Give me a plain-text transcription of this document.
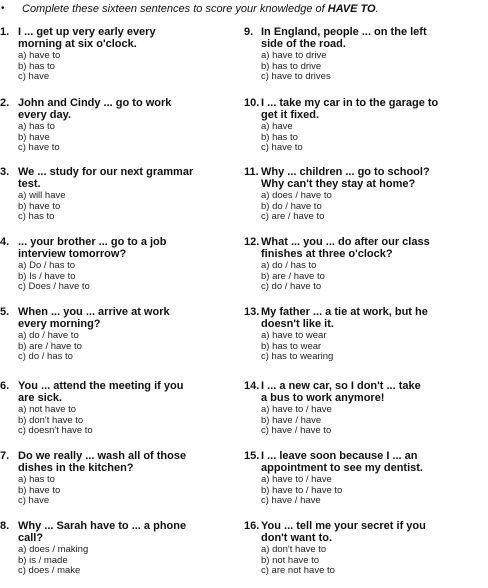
• Complete these sixteen sentences to score your knowledge of HAVE TO.
1. I ... get up very early every
morning at six o'clock.
a) have to
b) has to
c) have
2. John and Cindy ... go to work
every day.
a) has to
b) have
c) have to
3. We ... study for our next grammar
test.
a) will have
b) have to
c) has to
4. ... your brother ... go to a job
interview tomorrow?
a) Do / has to
b) Is / have to
c) Does / have to
5. When ... you ... arrive at work
every morning?
a) do / have to
b) are / have to
c) do / has to
6. You ... attend the meeting if you
are sick.
a) not have to
b) don't have to
c) doesn't have to
7. Do we really ... wash all of those
dishes in the kitchen?
a) has to
b) have to
c) have
8. Why ... Sarah have to ... a phone
call?
a) does / making
b) is / made
c) does / make
9. In England, people ... on the left
side of the road.
a) have to drive
b) has to drive
c) have to drives
10. I ... take my car in to the garage to
get it fixed.
a) have
b) has to
c) have to
11. Why ... children ... go to school?
Why can't they stay at home?
a) does / have to
b) do / have to
c) are / have to
12. What ... you ... do after our class
finishes at three o'clock?
a) do / has to
b) are / have to
c) do / have to
13. My father ... a tie at work, but he
doesn't like it.
a) have to wear
b) has to wear
c) has to wearing
14. I ... a new car, so I don't ... take
a bus to work anymore!
a) have to / have
b) have / have
c) have / have to
15. I ... leave soon because I ... an
appointment to see my dentist.
a) have to / have
b) have to / have to
c) have / have
16. You ... tell me your secret if you
don't want to.
a) don't have to
b) not have to
c) are not have to
